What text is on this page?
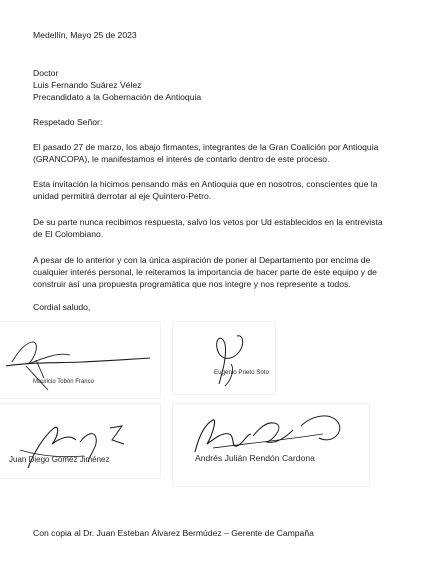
Medellín, Mayo 25 de 2023
Doctor
Luis Fernando Suárez Vélez
Precandidato a la Gobernación de Antioquia
Respetado Señor:
El pasado 27 de marzo, los abajo firmantes, integrantes de la Gran Coalición por Antioquia
(GRANCOPA), le manifestamos el interés de contarlo dentro de este proceso.
Esta invitación la hicimos pensando más en Antioquia que en nosotros, conscientes que la
unidad permitirá derrotar al eje Quintero-Petro.
De su parte nunca recibimos respuesta, salvo los vetos por Ud establecidos en la entrevista
de El Colombiano.
A pesar de lo anterior y con la única aspiración de poner al Departamento por encima de
cualquier interés personal, le reiteramos la importancia de hacer parte de este equipo y de
construir así una propuesta programática que nos integre y nos represente a todos.
Cordial saludo,
Mauricio Tobón Franco
Eugenio Prieto Soto
Juan Diego Gómez Jiménez	Andrés Julián Rendón Cardona
Con copia al Dr. Juan Esteban Álvarez Bermúdez – Gerente de Campaña
